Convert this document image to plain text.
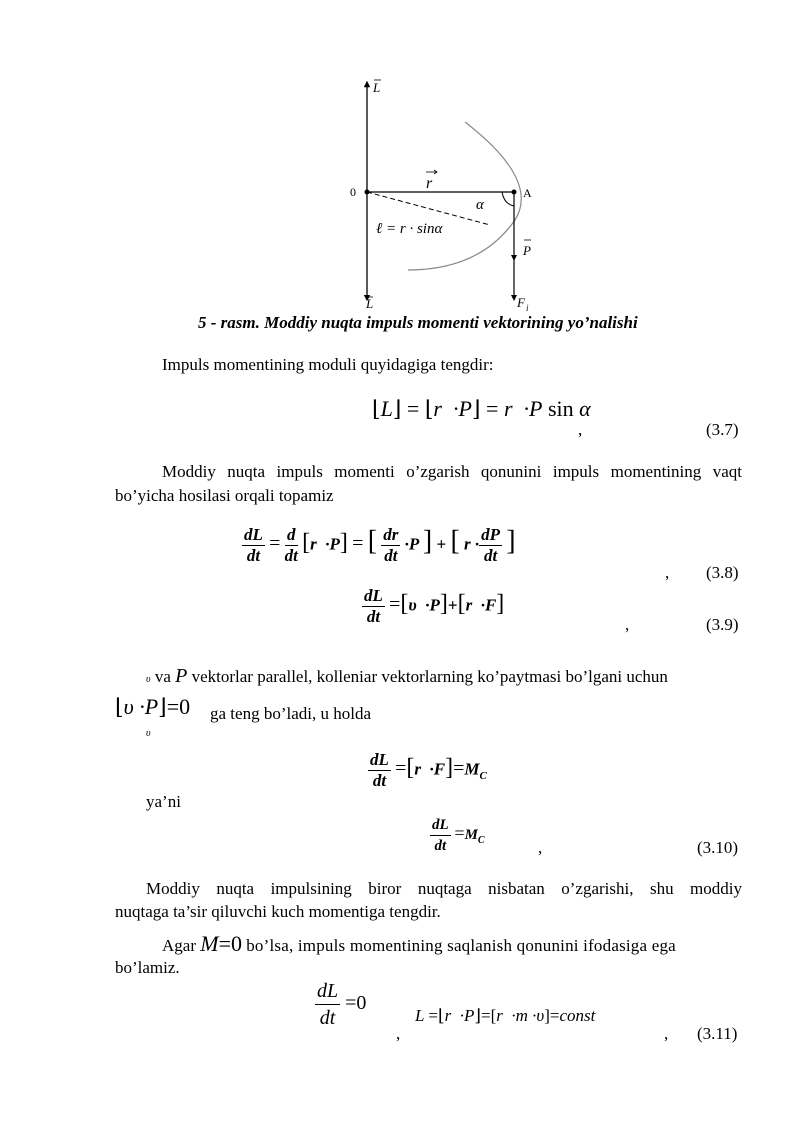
L
L
0	A
r
α
P
F i
ℓ = r · sinα
5 - rasm. Moddiy nuqta impuls momenti vektorining yo’nalishi
Impuls momentining moduli quyidagiga tengdir:
⌊L⌋ = ⌊r  ·P⌋ = r  ·P sin α
,	(3.7)
Moddiy nuqta impuls momenti o’zgarish qonunini impuls momentining vaqt
bo’yicha hosilasi orqali topamiz
$\frac{dL}{dt} = \frac{d}{dt} [r \cdot P]$ = [ $\frac{dr}{dt} \cdot P$ ] + [ $r \cdot \frac{dP}{dt}$ ]
, (3.8)
$\frac{dL}{dt} =[\upsilon \cdot P]+[r \cdot F]$
,	(3.9)
υ va P vektorlar parallel, kolleniar vektorlarning ko’paytmasi bo’lgani uchun
⌊υ ·P⌋=0 ga teng bo’ladi, u holda
υ
$\frac{dL}{dt} =[r \cdot F]=M_C$
ya’ni
$\frac{dL}{dt} =M_C$	,	(3.10)
Moddiy nuqta impulsining biror nuqtaga nisbatan o’zgarishi, shu moddiy
nuqtaga ta’sir qiluvchi kuch momentiga tengdir.
Agar M=0 bo’lsa, impuls momentining saqlanish qonunini ifodasiga ega
bo’lamiz.
$\frac{dL}{dt} =0$
,
L =⌊r  ·P⌋=[r  ·m ·υ]=const
, (3.11)
